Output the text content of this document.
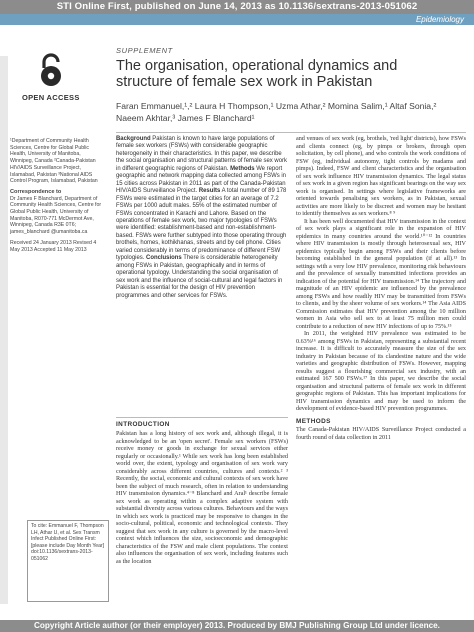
STI Online First, published on June 14, 2013 as 10.1136/sextrans-2013-051062
Epidemiology
OPEN ACCESS
SUPPLEMENT
The organisation, operational dynamics and structure of female sex work in Pakistan
Faran Emmanuel,¹,² Laura H Thompson,¹ Uzma Athar,² Momina Salim,¹ Altaf Sonia,²
Naeem Akhtar,³ James F Blanchard¹

¹Department of Community Health Sciences, Centre for Global Public Health, University of Manitoba, Winnipeg, Canada ²Canada-Pakistan HIV/AIDS Surveillance Project, Islamabad, Pakistan ³National AIDS Control Program, Islamabad, Pakistan

Correspondence to
Dr James F Blanchard, Department of Community Health Sciences, Centre for Global Public Health, University of Manitoba, R070-771 McDermot Ave, Winnipeg, Canada R3E 0T6; james_blanchard @umanitoba.ca

Received 24 January 2013 Revised 4 May 2013 Accepted 11 May 2013

Background Pakistan is known to have large populations of female sex workers (FSWs) with considerable geographic heterogeneity in their characteristics. In this paper, we describe the social organisation and structural patterns of female sex work in different geographic regions of Pakistan. Methods We report geographic and network mapping data collected among FSWs in 15 cities across Pakistan in 2011 as part of the Canada-Pakistan HIV/AIDS Surveillance Project. Results A total number of 89 178 FSWs were estimated in the target cities for an average of 7.2 FSWs per 1000 adult males. 55% of the estimated number of FSWs concentrated in Karachi and Lahore. Based on the operations of female sex work, two major typologies of FSWs were identified: establishment-based and non-establishment-based. FSWs were further subtyped into those operating through brothels, homes, kothikhanas, streets and by cell phone. Cities varied considerably in terms of predominance of different FSW typologies. Conclusions There is considerable heterogeneity among FSWs in Pakistan, geographically and in terms of operational typology. Understanding the social organisation of sex work and the influence of social-cultural and legal factors in Pakistan is essential for the design of HIV prevention programmes and other services for FSWs.
INTRODUCTION
Pakistan has a long history of sex work and, although illegal, it is acknowledged to be an 'open secret'. Female sex workers (FSWs) receive money or goods in exchange for sexual services either regularly or occasionally.¹ While sex work has long been established world over, the extent, typology and organisation of sex work vary considerably across different countries, cultures and contexts.² ³ Recently, the social, economic and cultural contexts of sex work have been the subject of much research, often in relation to understanding HIV transmission dynamics.⁴⁻⁸ Blanchard and Aral¹ describe female sex work as operating within a complex adaptive system with substantial diversity across various cultures. Behaviours and the ways in which sex work is practiced may be responsive to changes in the socio-cultural, political, economic and technological contexts. They suggest that sex work in any culture is governed by the macro-level context which influences the size, socioeconomic and demographic characteristics of the FSW and male client populations. The context also influences the organisation of sex work, including features such as the location

and venues of sex work (eg, brothels, 'red light' districts), how FSWs and clients connect (eg, by pimps or brokers, through open solicitation, by cell phone), and who controls the work conditions of FSW (eg, individual autonomy, tight controls by madams and pimps). Indeed, FSW and client characteristics and the organisation of sex work influence HIV transmission dynamics. The legal status of sex work in a given region has significant bearings on the way sex work is organised. In settings where legislative frameworks are oriented towards penalising sex workers, as in Pakistan, sexual activities are more likely to be discreet and women may be hesitant to identify themselves as sex workers.⁸ ⁹

It has been well documented that HIV transmission in the context of sex work plays a significant role in the expansion of HIV epidemics in many countries around the world.¹⁰⁻¹² In countries where HIV transmission is mostly through heterosexual sex, HIV epidemics typically begin among FSWs and their clients before becoming established in the general population (if at all).¹³ In settings with a very low HIV prevalence, monitoring risk behaviours and the prevalence of sexually transmitted infections provides an indication of the potential for HIV transmission.¹⁴ The trajectory and magnitude of an HIV epidemic are influenced by the prevalence among FSWs and how readily HIV may be transmitted from FSWs to clients, and by the sheer volume of sex workers.¹⁴ The Asia AIDS Commission estimates that HIV prevention among the 10 million women in Asia who sell sex to at least 75 million men could contribute to a reduction of new HIV infections of up to 75%.¹⁵

In 2011, the weighted HIV prevalence was estimated to be 0.63%¹⁶ among FSWs in Pakistan, representing a substantial recent increase. It is difficult to accurately measure the size of the sex industry in Pakistan because of its clandestine nature and the wide varieties and geographic distribution of FSWs. However, mapping results suggest a flourishing commercial sex industry, with an estimated 167 500 FSWs.¹⁷ In this paper, we describe the social organisation and structural patterns of female sex work in different geographic regions of Pakistan. This has important implications for HIV transmission dynamics and may be used to inform the development of evidence-based HIV prevention programmes.

METHODS

The Canada-Pakistan HIV/AIDS Surveillance Project conducted a fourth round of data collection in 2011

To cite: Emmanuel F, Thompson LH, Athar U, et al. Sex Transm Infect Published Online First: [please include Day Month Year] doi:10.1136/sextrans-2013-051062
Copyright Article author (or their employer) 2013. Produced by BMJ Publishing Group Ltd under licence.
